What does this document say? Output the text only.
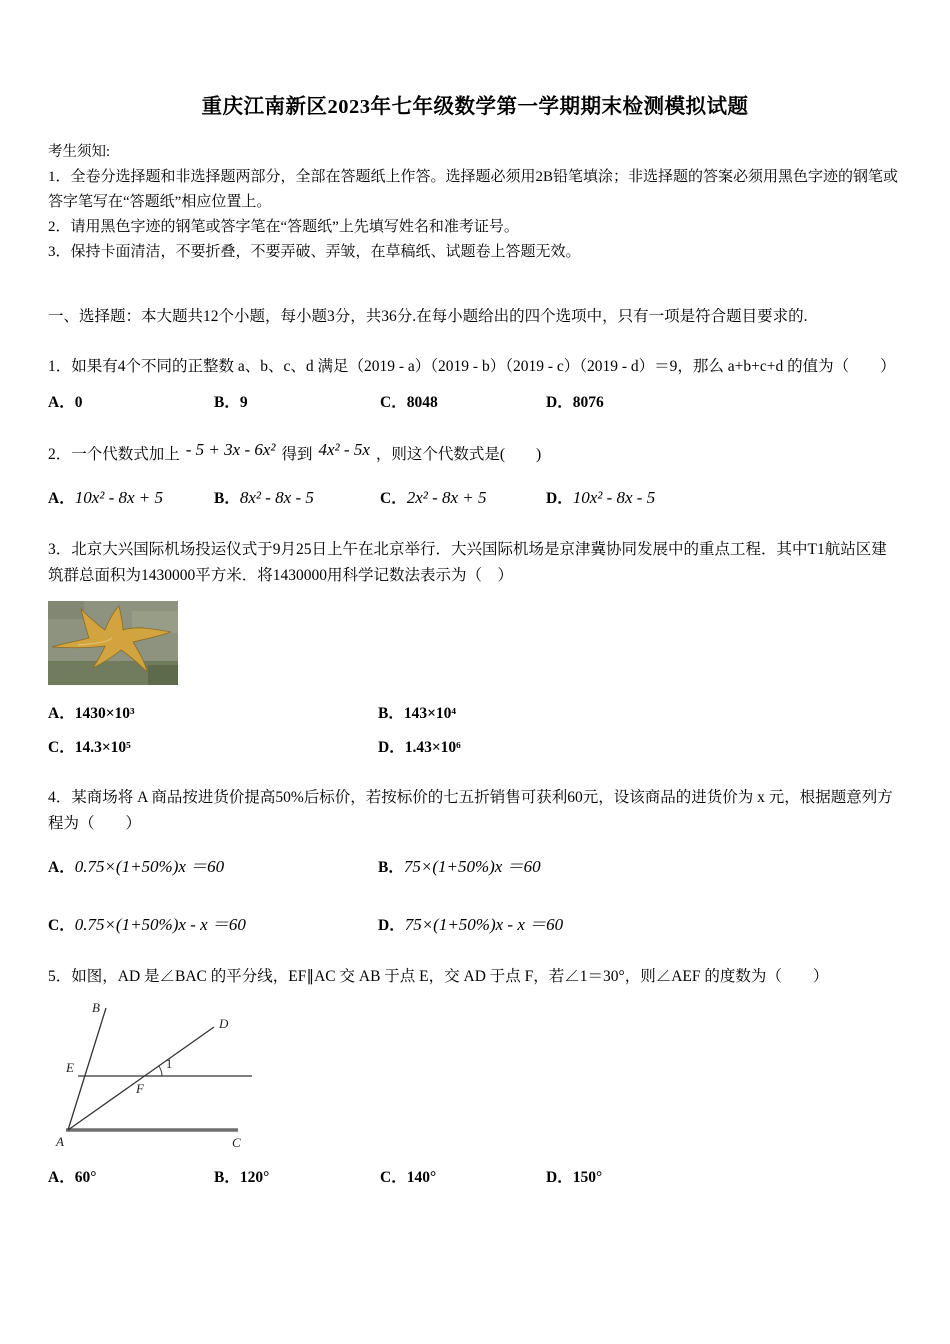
重庆江南新区2023年七年级数学第一学期期末检测模拟试题
考生须知:
1．全卷分选择题和非选择题两部分，全部在答题纸上作答。选择题必须用2B铅笔填涂；非选择题的答案必须用黑色字迹的钢笔或答字笔写在“答题纸”相应位置上。
2．请用黑色字迹的钢笔或答字笔在“答题纸”上先填写姓名和准考证号。
3．保持卡面清洁，不要折叠，不要弄破、弄皱，在草稿纸、试题卷上答题无效。
一、选择题：本大题共12个小题，每小题3分，共36分.在每小题给出的四个选项中，只有一项是符合题目要求的.
1．如果有4个不同的正整数 a、b、c、d 满足（2019 - a）（2019 - b）（2019 - c）（2019 - d）＝9，那么 a+b+c+d 的值为（　　）
A．0	B．9	C．8048	D．8076
2．一个代数式加上 - 5 + 3x - 6x² 得到 4x² - 5x ，则这个代数式是(　　)
A．10x² - 8x + 5	B．8x² - 8x - 5	C．2x² - 8x + 5	D．10x² - 8x - 5
3．北京大兴国际机场投运仪式于9月25日上午在北京举行．大兴国际机场是京津冀协同发展中的重点工程．其中T1航站区建筑群总面积为1430000平方米．将1430000用科学记数法表示为（　）
A．1430×10³	B．143×10⁴
C．14.3×10⁵	D．1.43×10⁶
4．某商场将 A 商品按进货价提高50%后标价，若按标价的七五折销售可获利60元，设该商品的进货价为 x 元，根据题意列方程为（　　）
A．0.75×(1+50%)x ＝60	B．75×(1+50%)x ＝60
C．0.75×(1+50%)x - x ＝60	D．75×(1+50%)x - x ＝60
5．如图，AD 是∠BAC 的平分线，EF∥AC 交 AB 于点 E，交 AD 于点 F，若∠1＝30°，则∠AEF 的度数为（　　）
B
D
E
F
1
A	C
A．60°	B．120°	C．140°	D．150°
